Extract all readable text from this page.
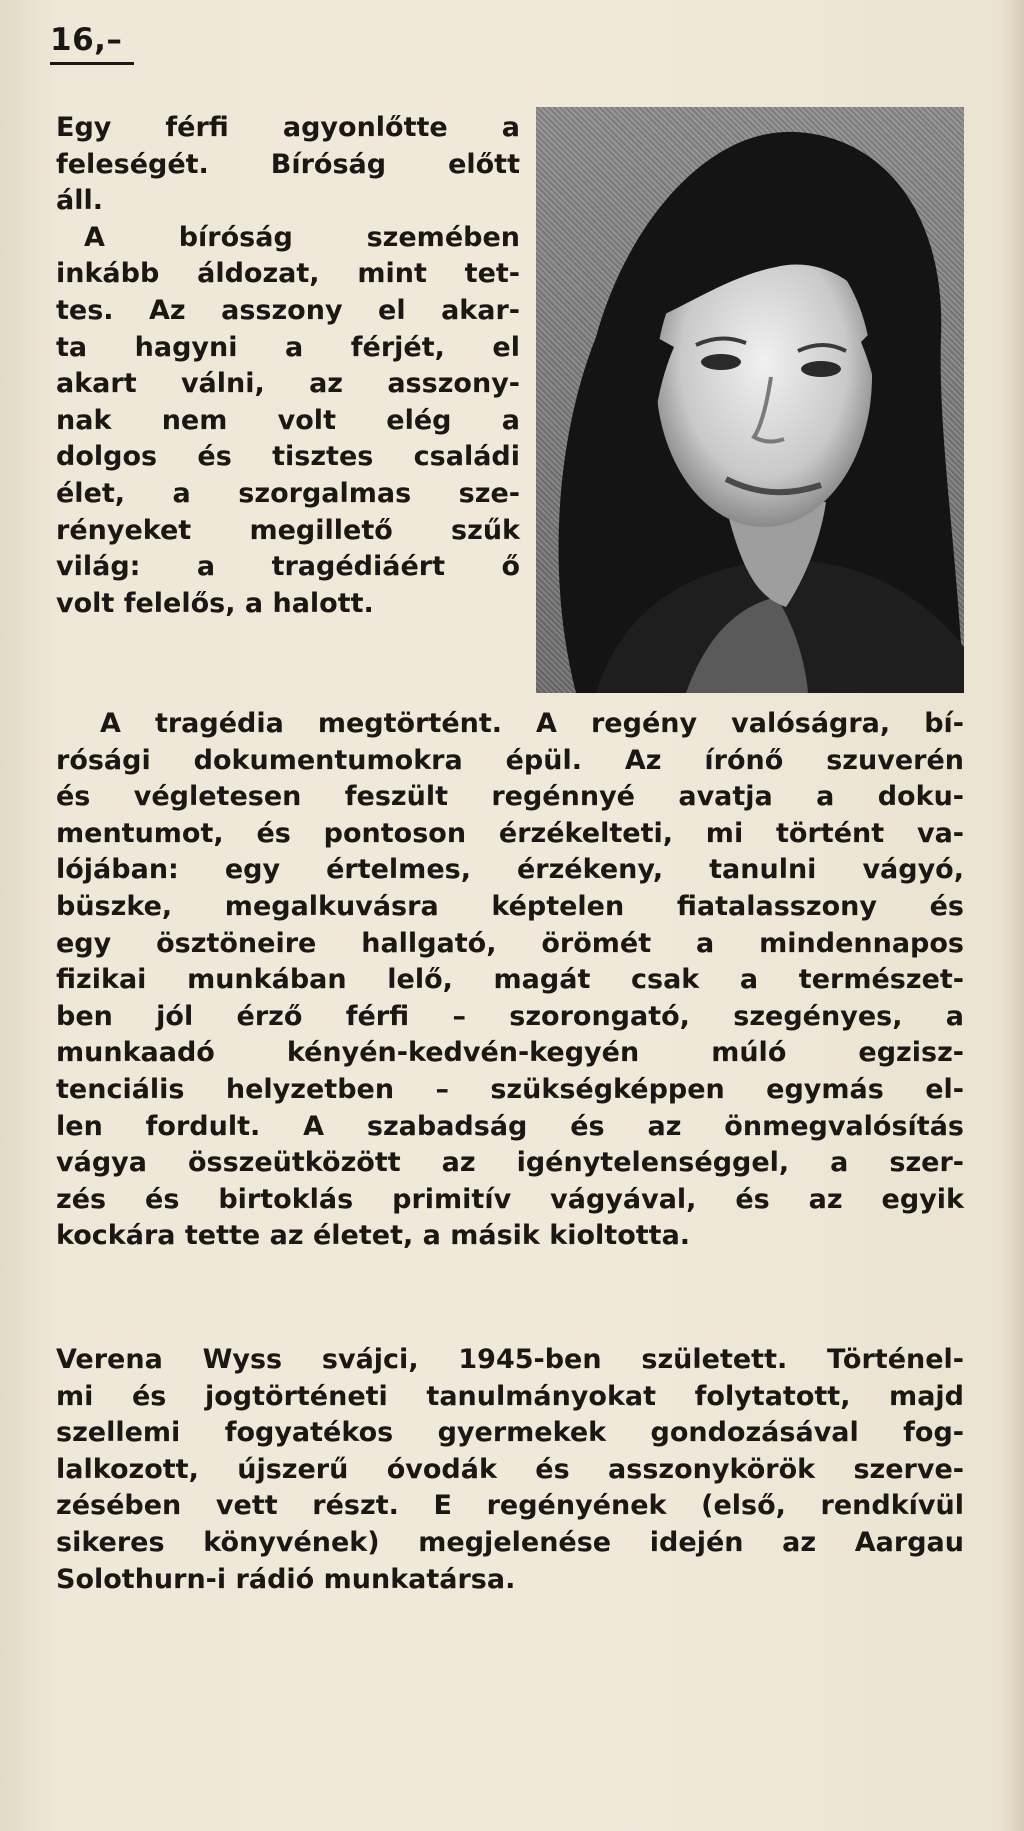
16,–
Egy férfi agyonlőtte a
feleségét. Bíróság előtt
áll.
A bíróság szemében
inkább áldozat, mint tet-
tes. Az asszony el akar-
ta hagyni a férjét, el
akart válni, az asszony-
nak nem volt elég a
dolgos és tisztes családi
élet, a szorgalmas sze-
rényeket megillető szűk
világ: a tragédiáért ő
volt felelős, a halott.
A tragédia megtörtént. A regény valóságra, bí-
rósági dokumentumokra épül. Az írónő szuverén
és végletesen feszült regénnyé avatja a doku-
mentumot, és pontoson érzékelteti, mi történt va-
lójában: egy értelmes, érzékeny, tanulni vágyó,
büszke, megalkuvásra képtelen fiatalasszony és
egy ösztöneire hallgató, örömét a mindennapos
fizikai munkában lelő, magát csak a természet-
ben jól érző férfi – szorongató, szegényes, a
munkaadó kényén-kedvén-kegyén múló egzisz-
tenciális helyzetben – szükségképpen egymás el-
len fordult. A szabadság és az önmegvalósítás
vágya összeütközött az igénytelenséggel, a szer-
zés és birtoklás primitív vágyával, és az egyik
kockára tette az életet, a másik kioltotta.
Verena Wyss svájci, 1945-ben született. Történel-
mi és jogtörténeti tanulmányokat folytatott, majd
szellemi fogyatékos gyermekek gondozásával fog-
lalkozott, újszerű óvodák és asszonykörök szerve-
zésében vett részt. E regényének (első, rendkívül
sikeres könyvének) megjelenése idején az Aargau
Solothurn-i rádió munkatársa.
